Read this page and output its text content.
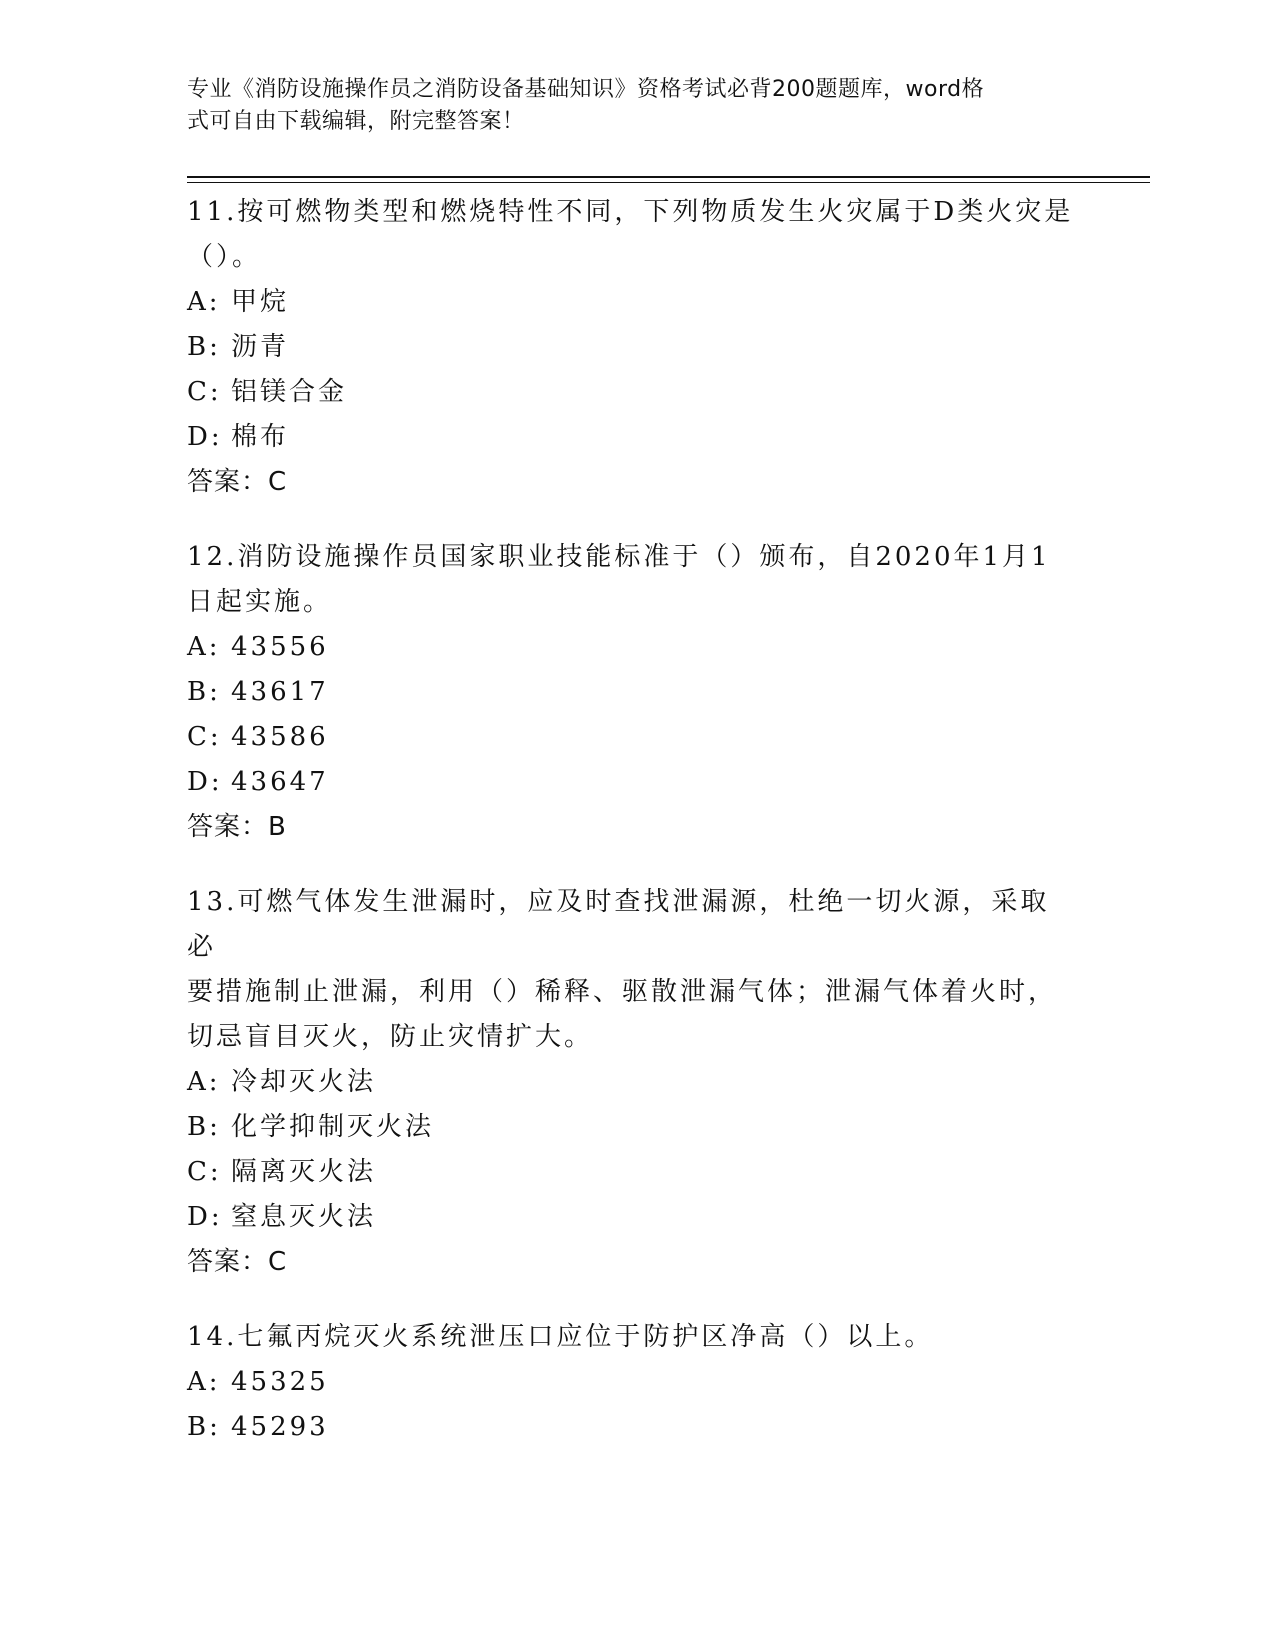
专业《消防设施操作员之消防设备基础知识》资格考试必背200题题库，word格
式可自由下载编辑，附完整答案！
11.按可燃物类型和燃烧特性不同，下列物质发生火灾属于D类火灾是
（）。
A: 甲烷
B: 沥青
C: 铝镁合金
D: 棉布
答案：C
12.消防设施操作员国家职业技能标准于（）颁布，自2020年1月1
日起实施。
A: 43556
B: 43617
C: 43586
D: 43647
答案：B
13.可燃气体发生泄漏时，应及时查找泄漏源，杜绝一切火源，采取必
要措施制止泄漏，利用（）稀释、驱散泄漏气体；泄漏气体着火时，
切忌盲目灭火，防止灾情扩大。
A: 冷却灭火法
B: 化学抑制灭火法
C: 隔离灭火法
D: 窒息灭火法
答案：C
14.七氟丙烷灭火系统泄压口应位于防护区净高（）以上。
A: 45325
B: 45293
